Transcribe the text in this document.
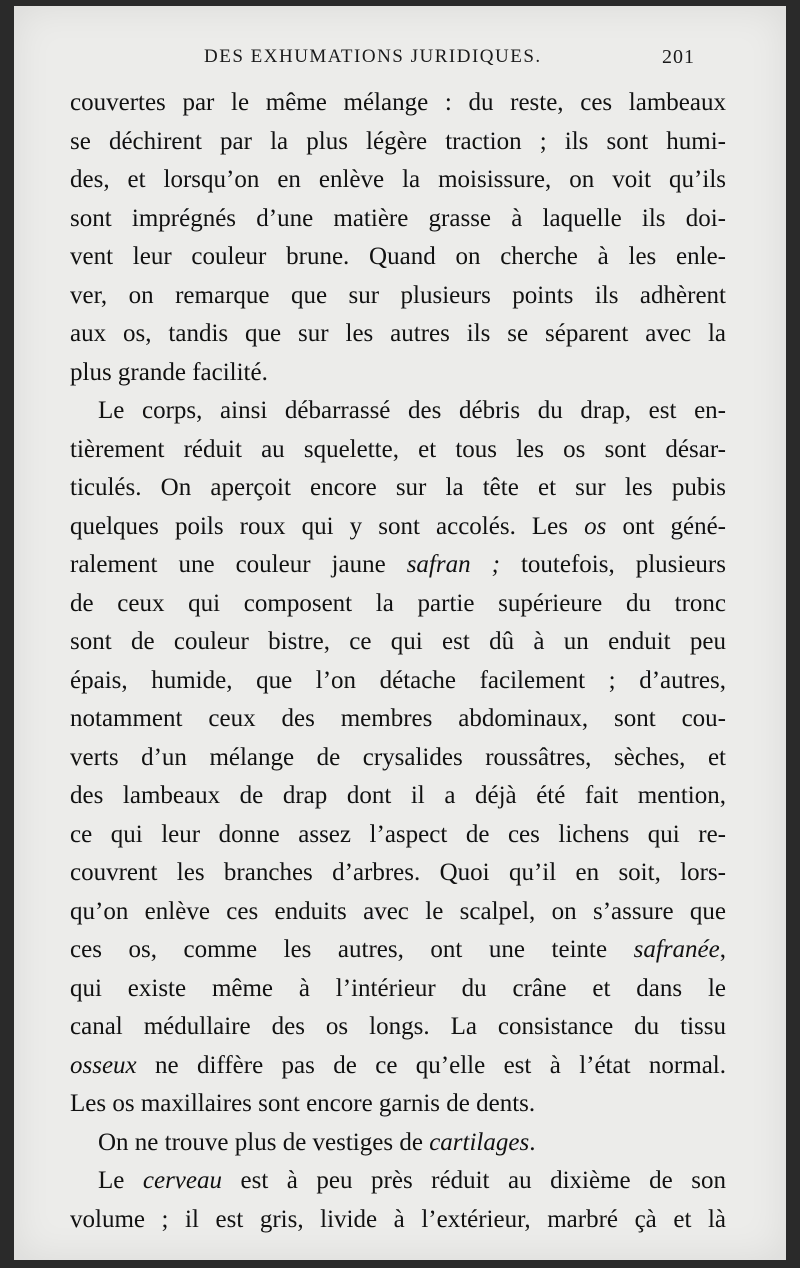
DES EXHUMATIONS JURIDIQUES.	201
couvertes par le même mélange : du reste, ces lambeaux
se déchirent par la plus légère traction ; ils sont humi-
des, et lorsqu’on en enlève la moisissure, on voit qu’ils
sont imprégnés d’une matière grasse à laquelle ils doi-
vent leur couleur brune. Quand on cherche à les enle-
ver, on remarque que sur plusieurs points ils adhèrent
aux os, tandis que sur les autres ils se séparent avec la
plus grande facilité.
Le corps, ainsi débarrassé des débris du drap, est en-
tièrement réduit au squelette, et tous les os sont désar-
ticulés. On aperçoit encore sur la tête et sur les pubis
quelques poils roux qui y sont accolés. Les os ont géné-
ralement une couleur jaune safran ; toutefois, plusieurs
de ceux qui composent la partie supérieure du tronc
sont de couleur bistre, ce qui est dû à un enduit peu
épais, humide, que l’on détache facilement ; d’autres,
notamment ceux des membres abdominaux, sont cou-
verts d’un mélange de crysalides roussâtres, sèches, et
des lambeaux de drap dont il a déjà été fait mention,
ce qui leur donne assez l’aspect de ces lichens qui re-
couvrent les branches d’arbres. Quoi qu’il en soit, lors-
qu’on enlève ces enduits avec le scalpel, on s’assure que
ces os, comme les autres, ont une teinte safranée,
qui existe même à l’intérieur du crâne et dans le
canal médullaire des os longs. La consistance du tissu
osseux ne diffère pas de ce qu’elle est à l’état normal.
Les os maxillaires sont encore garnis de dents.
On ne trouve plus de vestiges de cartilages.
Le cerveau est à peu près réduit au dixième de son
volume ; il est gris, livide à l’extérieur, marbré çà et là
